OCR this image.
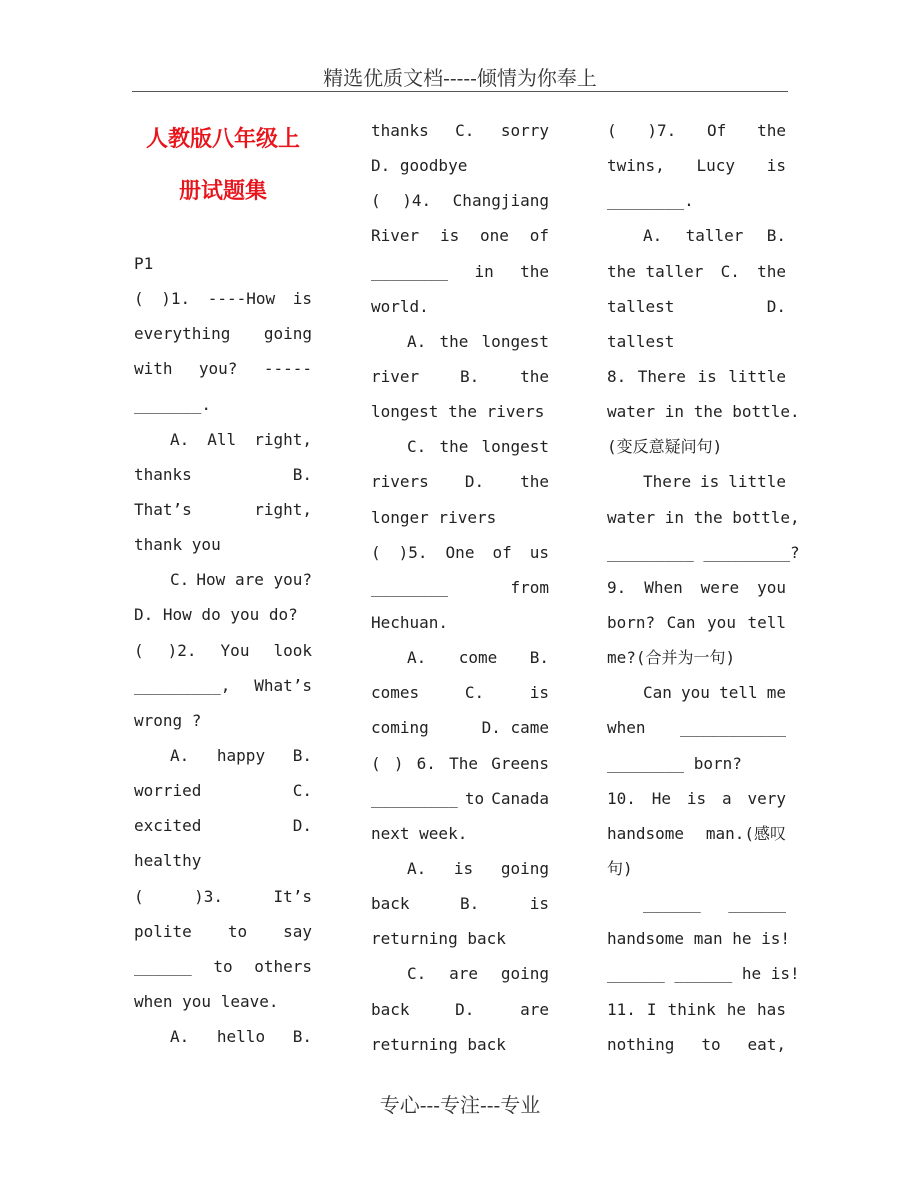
精选优质文档-----倾情为你奉上
人教版八年级上
册试题集
P1
( )1. ----How is
everything going
with you? -----
_______.
A. All right,
thanks	B.
That’s	right,
thank you
C. How are you?
D. How do you do?
( )2. You look
_________, What’s
wrong ?
A. happy B.
worried	C.
excited	D.
healthy
(	)3.	It’s
polite to say
______ to others
when you leave.
A. hello B.
thanks C. sorry
D. goodbye
( )4. Changjiang
River is one of
________ in the
world.
A. the longest
river	B.	the
longest the rivers
C. the longest
rivers D. the
longer rivers
( )5. One of us
________	from
Hechuan.
A. come B.
comes	C.	is
coming	D. came
( ) 6. The Greens
_________ to Canada
next week.
A. is going
back	B.	is
returning back
C. are going
back	D.	are
returning back
( )7. Of the
twins, Lucy is
________.
A. taller B.
the taller C. the
tallest	D.
tallest
8. There is little
water in the bottle.
(变反意疑问句)
There is little
water in the bottle,
_________ _________?
9. When were you
born? Can you tell
me?(合并为一句)
Can you tell me
when ___________
________ born?
10. He is a very
handsome man.(感叹
句)
______ ______
handsome man he is!
______ ______ he is!
11. I think he has
nothing to eat,
专心---专注---专业
